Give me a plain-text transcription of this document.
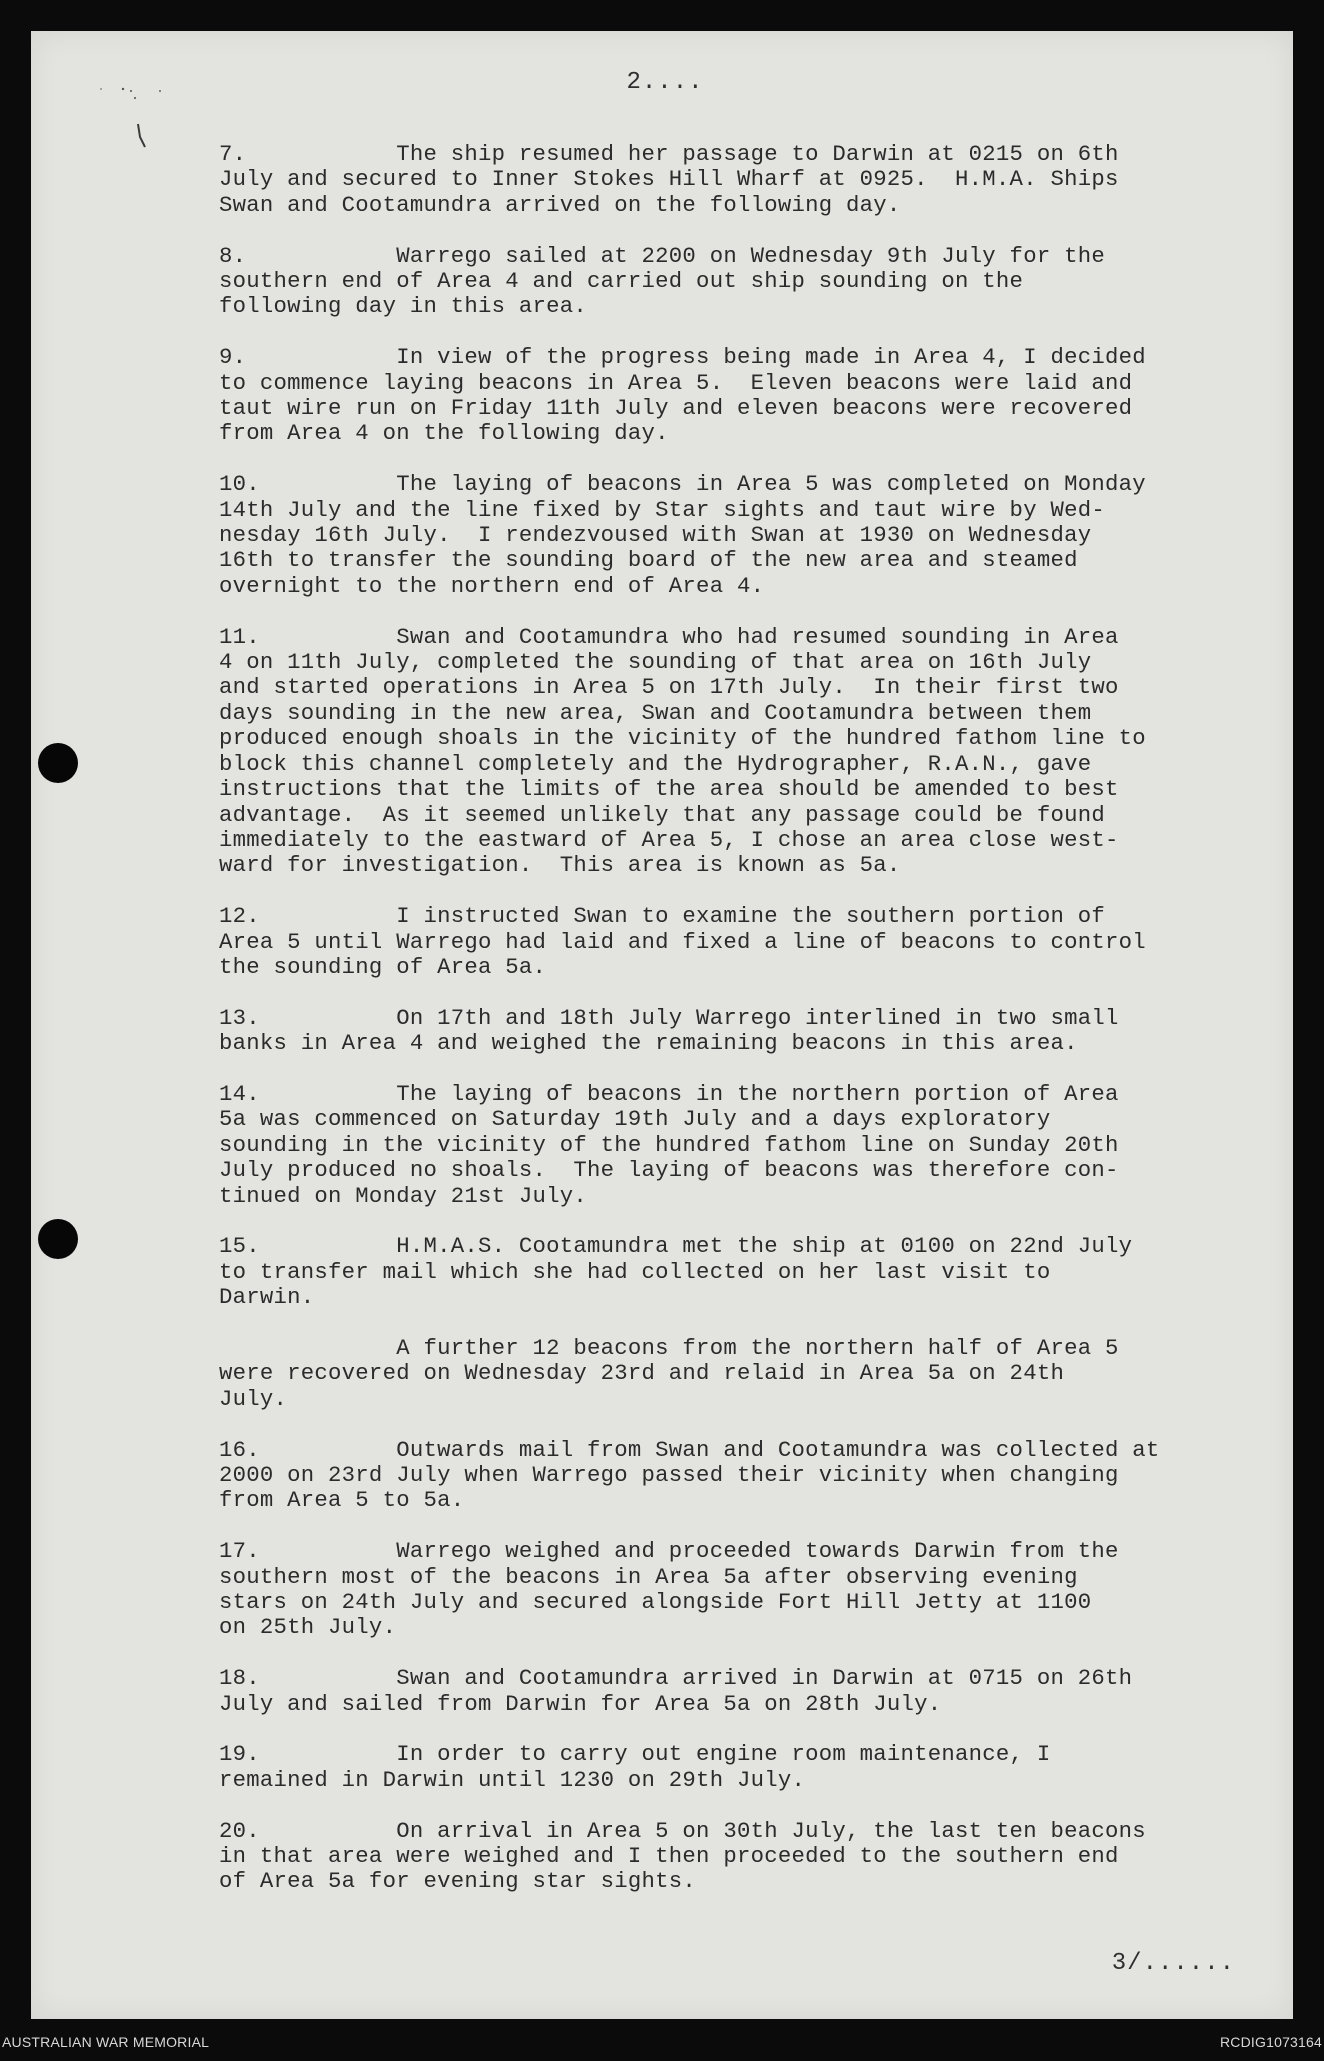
2....

7.           The ship resumed her passage to Darwin at 0215 on 6th
July and secured to Inner Stokes Hill Wharf at 0925.  H.M.A. Ships
Swan and Cootamundra arrived on the following day.

8.           Warrego sailed at 2200 on Wednesday 9th July for the
southern end of Area 4 and carried out ship sounding on the
following day in this area.

9.           In view of the progress being made in Area 4, I decided
to commence laying beacons in Area 5.  Eleven beacons were laid and
taut wire run on Friday 11th July and eleven beacons were recovered
from Area 4 on the following day.

10.          The laying of beacons in Area 5 was completed on Monday
14th July and the line fixed by Star sights and taut wire by Wed-
nesday 16th July.  I rendezvoused with Swan at 1930 on Wednesday
16th to transfer the sounding board of the new area and steamed
overnight to the northern end of Area 4.

11.          Swan and Cootamundra who had resumed sounding in Area
4 on 11th July, completed the sounding of that area on 16th July
and started operations in Area 5 on 17th July.  In their first two
days sounding in the new area, Swan and Cootamundra between them
produced enough shoals in the vicinity of the hundred fathom line to
block this channel completely and the Hydrographer, R.A.N., gave
instructions that the limits of the area should be amended to best
advantage.  As it seemed unlikely that any passage could be found
immediately to the eastward of Area 5, I chose an area close west-
ward for investigation.  This area is known as 5a.

12.          I instructed Swan to examine the southern portion of
Area 5 until Warrego had laid and fixed a line of beacons to control
the sounding of Area 5a.

13.          On 17th and 18th July Warrego interlined in two small
banks in Area 4 and weighed the remaining beacons in this area.

14.          The laying of beacons in the northern portion of Area
5a was commenced on Saturday 19th July and a days exploratory
sounding in the vicinity of the hundred fathom line on Sunday 20th
July produced no shoals.  The laying of beacons was therefore con-
tinued on Monday 21st July.

15.          H.M.A.S. Cootamundra met the ship at 0100 on 22nd July
to transfer mail which she had collected on her last visit to
Darwin.

A further 12 beacons from the northern half of Area 5
were recovered on Wednesday 23rd and relaid in Area 5a on 24th
July.

16.          Outwards mail from Swan and Cootamundra was collected at
2000 on 23rd July when Warrego passed their vicinity when changing
from Area 5 to 5a.

17.          Warrego weighed and proceeded towards Darwin from the
southern most of the beacons in Area 5a after observing evening
stars on 24th July and secured alongside Fort Hill Jetty at 1100
on 25th July.

18.          Swan and Cootamundra arrived in Darwin at 0715 on 26th
July and sailed from Darwin for Area 5a on 28th July.

19.          In order to carry out engine room maintenance, I
remained in Darwin until 1230 on 29th July.

20.          On arrival in Area 5 on 30th July, the last ten beacons
in that area were weighed and I then proceeded to the southern end
of Area 5a for evening star sights.

3/......
AUSTRALIAN WAR MEMORIAL	RCDIG1073164
